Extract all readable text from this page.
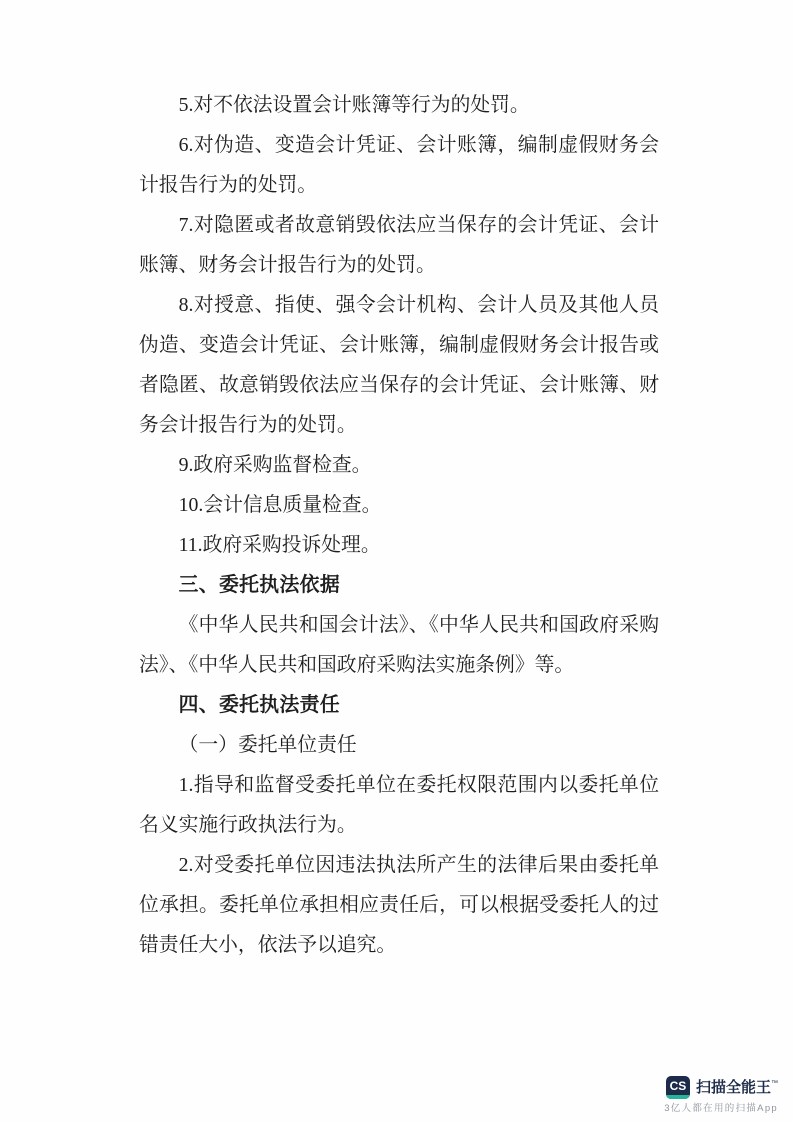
5.对不依法设置会计账簿等行为的处罚。

6.对伪造、变造会计凭证、会计账簿，编制虚假财务会计报告行为的处罚。

7.对隐匿或者故意销毁依法应当保存的会计凭证、会计账簿、财务会计报告行为的处罚。

8.对授意、指使、强令会计机构、会计人员及其他人员伪造、变造会计凭证、会计账簿，编制虚假财务会计报告或者隐匿、故意销毁依法应当保存的会计凭证、会计账簿、财务会计报告行为的处罚。

9.政府采购监督检查。

10.会计信息质量检查。

11.政府采购投诉处理。

三、委托执法依据

《中华人民共和国会计法》、《中华人民共和国政府采购法》、《中华人民共和国政府采购法实施条例》等。

四、委托执法责任

（一）委托单位责任

1.指导和监督受委托单位在委托权限范围内以委托单位名义实施行政执法行为。

2.对受委托单位因违法执法所产生的法律后果由委托单位承担。委托单位承担相应责任后，可以根据受委托人的过错责任大小，依法予以追究。

CS 扫描全能王™
3亿人都在用的扫描App
